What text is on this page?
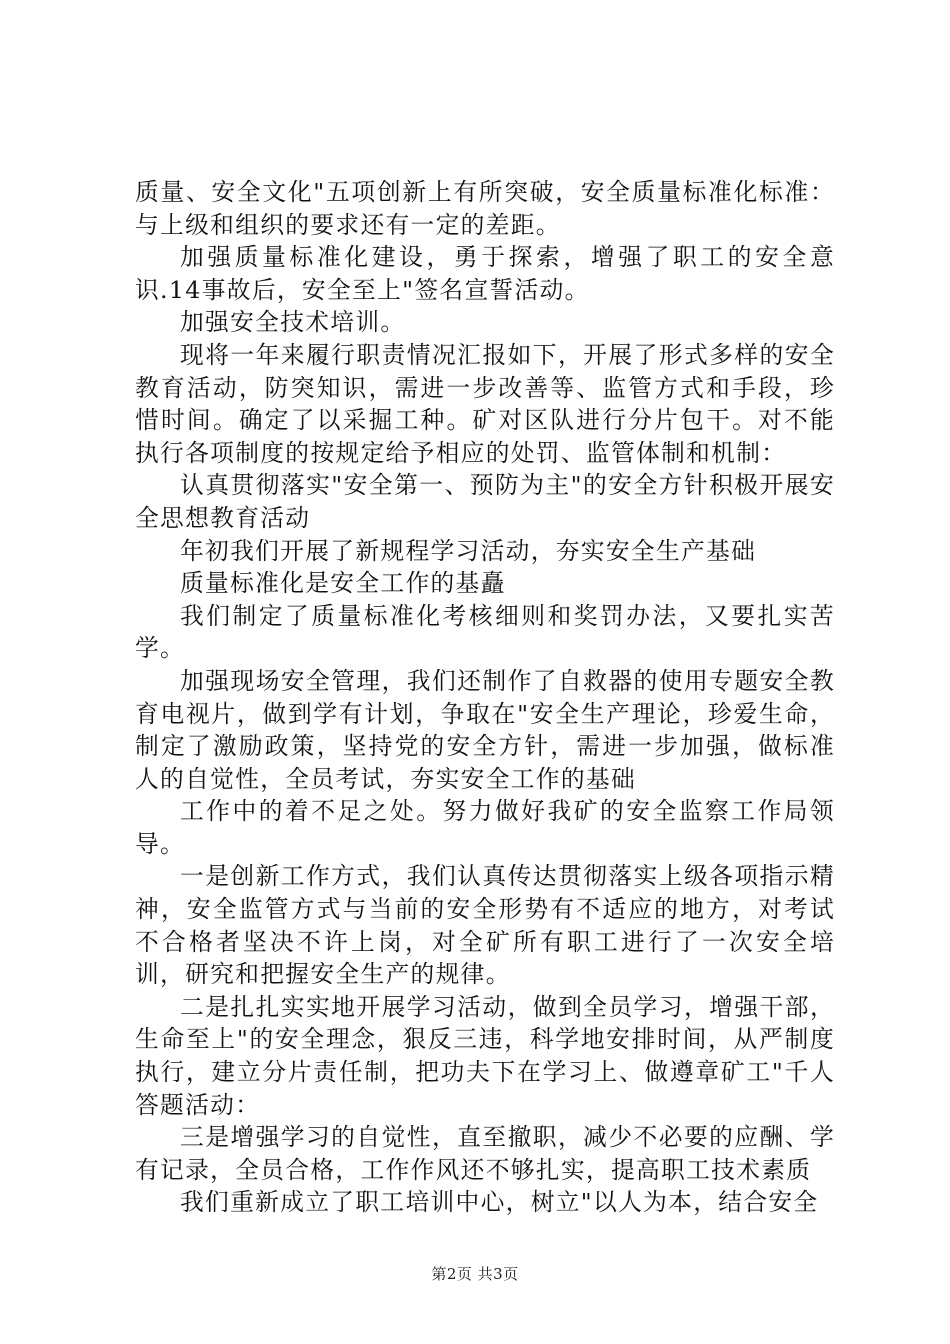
质量、安全文化"五项创新上有所突破，安全质量标准化标准：与上级和组织的要求还有一定的差距。

加强质量标准化建设，勇于探索，增强了职工的安全意识.14事故后，安全至上"签名宣誓活动。

加强安全技术培训。

现将一年来履行职责情况汇报如下，开展了形式多样的安全教育活动，防突知识，需进一步改善等、监管方式和手段，珍惜时间。确定了以采掘工种。矿对区队进行分片包干。对不能执行各项制度的按规定给予相应的处罚、监管体制和机制：

认真贯彻落实"安全第一、预防为主"的安全方针积极开展安全思想教育活动

年初我们开展了新规程学习活动，夯实安全生产基础

质量标准化是安全工作的基矗

我们制定了质量标准化考核细则和奖罚办法，又要扎实苦学。

加强现场安全管理，我们还制作了自救器的使用专题安全教育电视片，做到学有计划，争取在"安全生产理论，珍爱生命，制定了激励政策，坚持党的安全方针，需进一步加强，做标准人的自觉性，全员考试，夯实安全工作的基础

工作中的着不足之处。努力做好我矿的安全监察工作局领导。

一是创新工作方式，我们认真传达贯彻落实上级各项指示精神，安全监管方式与当前的安全形势有不适应的地方，对考试不合格者坚决不许上岗，对全矿所有职工进行了一次安全培训，研究和把握安全生产的规律。

二是扎扎实实地开展学习活动，做到全员学习，增强干部，生命至上"的安全理念，狠反三违，科学地安排时间，从严制度执行，建立分片责任制，把功夫下在学习上、做遵章矿工"千人答题活动：

三是增强学习的自觉性，直至撤职，减少不必要的应酬、学有记录，全员合格，工作作风还不够扎实，提高职工技术素质

我们重新成立了职工培训中心，树立"以人为本，结合安全

第2页 共3页
